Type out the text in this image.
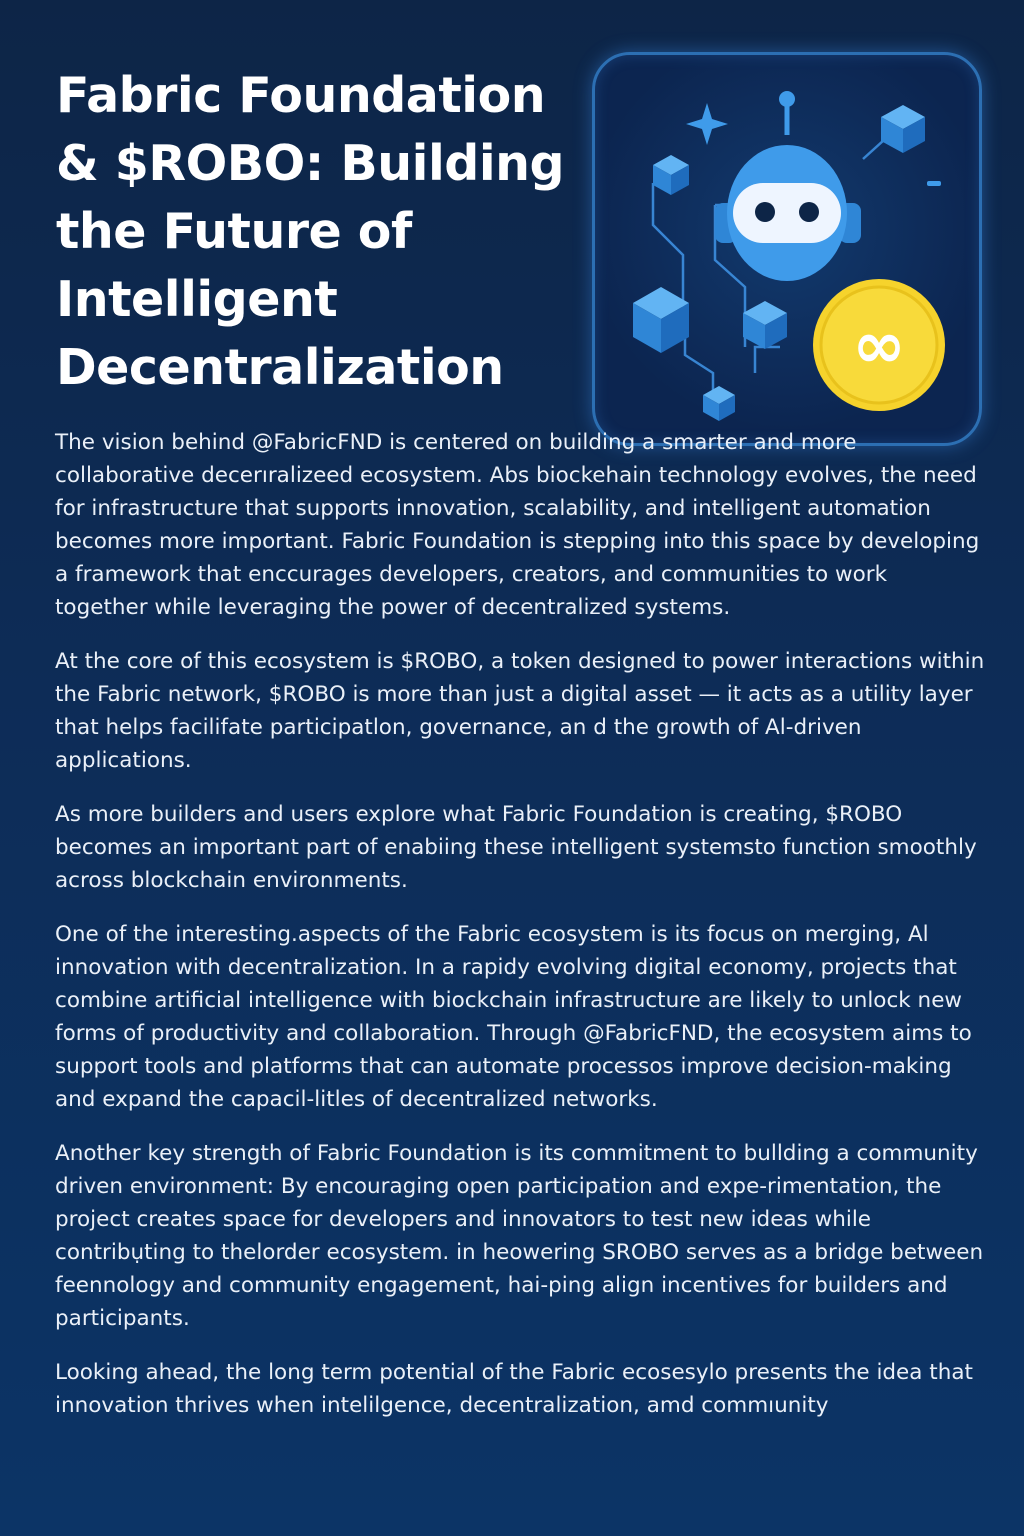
Fabric Foundation & $ROBO: Building the Future of Intelligent Decentralization	∞

The vision behind @FabricFND is centered on building a smarter and more collaborative decerıralizeed ecosystem. Abs biockehain technology evolves, the need for infrastructure that supports innovation, scalability, and intelligent automation becomes more important. Fabric Foundation is stepping into this space by developing a framework that enccurages developers, creators, and communities to work together while leveraging the power of decentralized systems.

At the core of this ecosystem is $ROBO, a token designed to power interactions within the Fabric network, $ROBO is more than just a digital asset — it acts as a utility layer that helps facilifate participatlon, governance, an d the growth of Al-driven applications.

As more builders and users explore what Fabric Foundation is creating, $ROBO becomes an important part of enabiing these intelligent systemsto function smoothly across blockchain environments.

One of the interesting.aspects of the Fabric ecosystem is its focus on merging, Al innovation with decentralization. In a rapidy evolving digital economy, projects that combine artificial intelligence with biockchain infrastructure are likely to unlock new forms of productivity and collaboration. Through @FabricFND, the ecosystem aims to support tools and platforms that can automate processos improve decision-making and expand the capacil-litles of decentralized networks.

Another key strength of Fabric Foundation is its commitment to bullding a community driven environment: By encouraging open participation and expe-rimentation, the project creates space for developers and innovators to test new ideas while contribụting to thelorder ecosystem. in heowering SROBO serves as a bridge between feennology and community engagement, hai-ping align incentives for builders and participants.

Looking ahead, the long term potential of the Fabric ecosesylo presents the idea that innovation thrives when intelilgence, decentralization, amd commıunity
